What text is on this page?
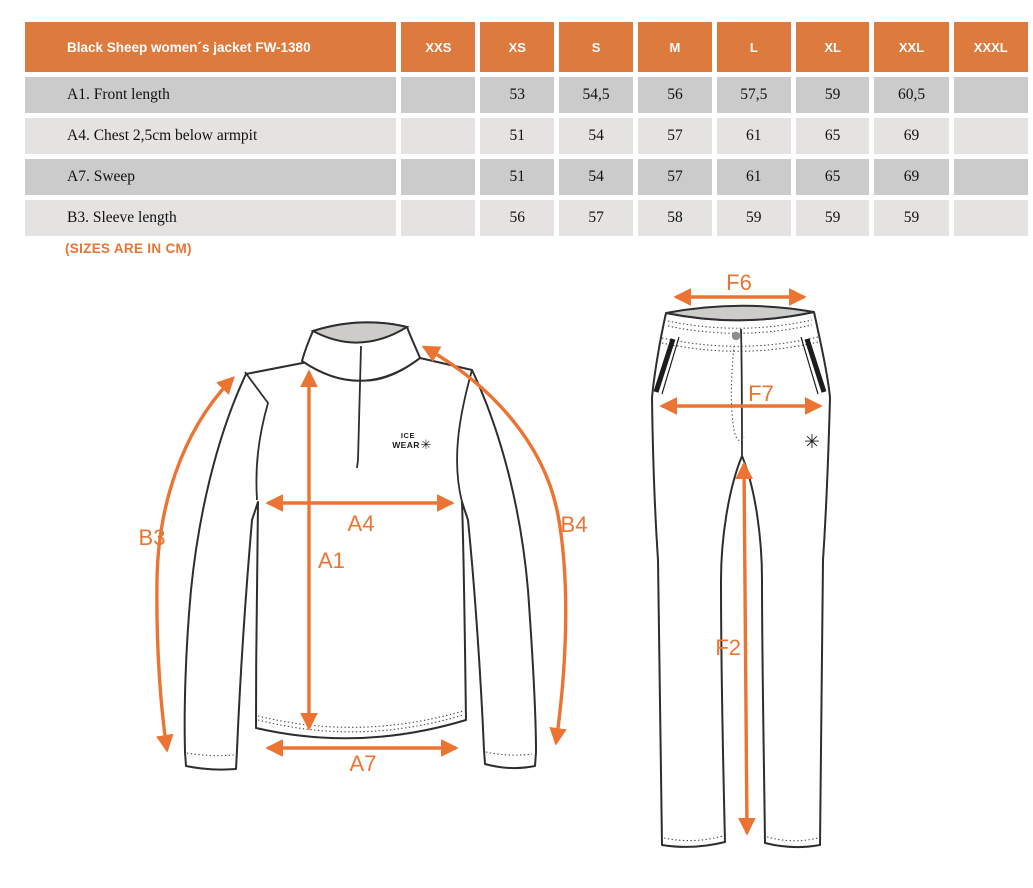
Black Sheep women´s jacket FW-1380	XXS	XS	S	M	L	XL	XXL	XXXL
A1. Front length		53	54,5	56	57,5	59	60,5	
A4. Chest 2,5cm below armpit		51	54	57	61	65	69	
A7. Sweep		51	54	57	61	65	69	
B3. Sleeve length		56	57	58	59	59	59	
(SIZES ARE IN CM)
ICE
WEAR ✳
B3
A4
A1
B4
A7
✳
F6
F7
F2
